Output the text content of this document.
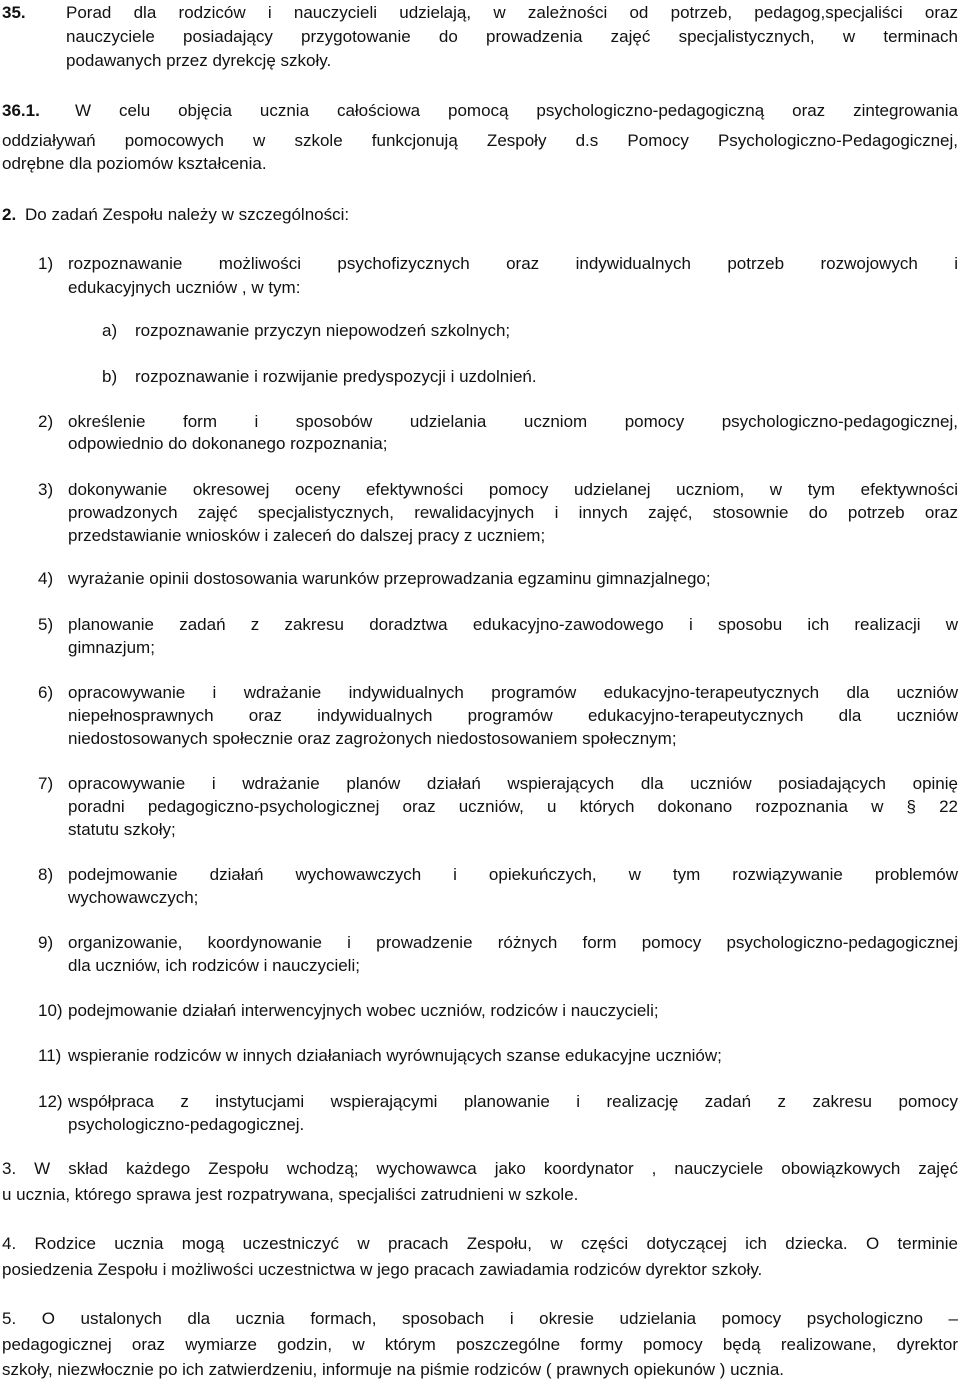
35. Porad dla rodziców i nauczycieli udzielają, w zależności od potrzeb, pedagog,specjaliści oraz
nauczyciele posiadający przygotowanie do prowadzenia zajęć specjalistycznych, w terminach
podawanych przez dyrekcję szkoły.
36.1. W celu objęcia ucznia całościowa pomocą psychologiczno-pedagogiczną oraz zintegrowania
oddziaływań pomocowych w szkole funkcjonują Zespoły d.s Pomocy Psychologiczno-Pedagogicznej,
odrębne dla poziomów kształcenia.
2. Do zadań Zespołu należy w szczególności:
1) rozpoznawanie możliwości psychofizycznych oraz indywidualnych potrzeb rozwojowych i
edukacyjnych uczniów , w tym:
a) rozpoznawanie przyczyn niepowodzeń szkolnych;
b) rozpoznawanie i rozwijanie predyspozycji i uzdolnień.
2) określenie form i sposobów udzielania uczniom pomocy psychologiczno-pedagogicznej,
odpowiednio do dokonanego rozpoznania;
3) dokonywanie okresowej oceny efektywności pomocy udzielanej uczniom, w tym efektywności
prowadzonych zajęć specjalistycznych, rewalidacyjnych i innych zajęć, stosownie do potrzeb oraz
przedstawianie wniosków i zaleceń do dalszej pracy z uczniem;
4) wyrażanie opinii dostosowania warunków przeprowadzania egzaminu gimnazjalnego;
5) planowanie zadań z zakresu doradztwa edukacyjno-zawodowego i sposobu ich realizacji w
gimnazjum;
6) opracowywanie i wdrażanie indywidualnych programów edukacyjno-terapeutycznych dla uczniów
niepełnosprawnych oraz indywidualnych programów edukacyjno-terapeutycznych dla uczniów
niedostosowanych społecznie oraz zagrożonych niedostosowaniem społecznym;
7) opracowywanie i wdrażanie planów działań wspierających dla uczniów posiadających opinię
poradni pedagogiczno-psychologicznej oraz uczniów, u których dokonano rozpoznania w § 22
statutu szkoły;
8) podejmowanie działań wychowawczych i opiekuńczych, w tym rozwiązywanie problemów
wychowawczych;
9) organizowanie, koordynowanie i prowadzenie różnych form pomocy psychologiczno-pedagogicznej
dla uczniów, ich rodziców i nauczycieli;
10) podejmowanie działań interwencyjnych wobec uczniów, rodziców i nauczycieli;
11) wspieranie rodziców w innych działaniach wyrównujących szanse edukacyjne uczniów;
12) współpraca z instytucjami wspierającymi planowanie i realizację zadań z zakresu pomocy
psychologiczno-pedagogicznej.
3. W skład każdego Zespołu wchodzą; wychowawca jako koordynator , nauczyciele obowiązkowych zajęć
u ucznia, którego sprawa jest rozpatrywana, specjaliści zatrudnieni w szkole.
4. Rodzice ucznia mogą uczestniczyć w pracach Zespołu, w części dotyczącej ich dziecka. O terminie
posiedzenia Zespołu i możliwości uczestnictwa w jego pracach zawiadamia rodziców dyrektor szkoły.
5. O ustalonych dla ucznia formach, sposobach i okresie udzielania pomocy psychologiczno –
pedagogicznej oraz wymiarze godzin, w którym poszczególne formy pomocy będą realizowane, dyrektor
szkoły, niezwłocznie po ich zatwierdzeniu, informuje na piśmie rodziców ( prawnych opiekunów ) ucznia.
